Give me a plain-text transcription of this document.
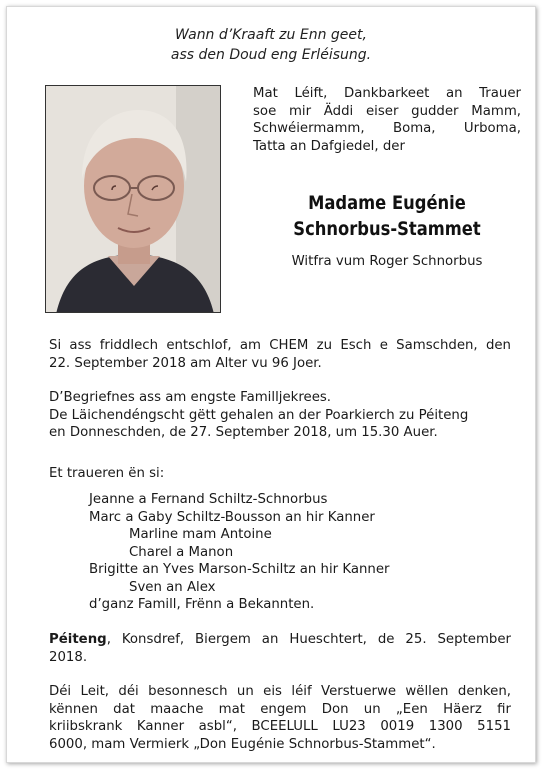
Wann d’Kraaft zu Enn geet,
ass den Doud eng Erléisung.
Mat Léift, Dankbarkeet an Trauer
soe mir Äddi eiser gudder Mamm,
Schwéiermamm, Boma, Urboma,
Tatta an Dafgiedel, der
Madame Eugénie
Schnorbus-Stammet
Witfra vum Roger Schnorbus
Si ass friddlech entschlof, am CHEM zu Esch e Samschden, den
22. September 2018 am Alter vu 96 Joer.
D’Begriefnes ass am engste Familljekrees.
De Läichendéngscht gëtt gehalen an der Poarkierch zu Péiteng
en Donneschden, de 27. September 2018, um 15.30 Auer.
Et traueren ën si:
Jeanne a Fernand Schiltz-Schnorbus
Marc a Gaby Schiltz-Bousson an hir Kanner
Marline mam Antoine
Charel a Manon
Brigitte an Yves Marson-Schiltz an hir Kanner
Sven an Alex
d’ganz Famill, Frënn a Bekannten.
Péiteng, Konsdref, Biergem an Hueschtert, de 25. September
2018.
Déi Leit, déi besonnesch un eis léif Verstuerwe wëllen denken,
kënnen dat maache mat engem Don un „Een Häerz fir
kriibskrank Kanner asbl“, BCEELULL LU23 0019 1300 5151
6000, mam Vermierk „Don Eugénie Schnorbus-Stammet“.
